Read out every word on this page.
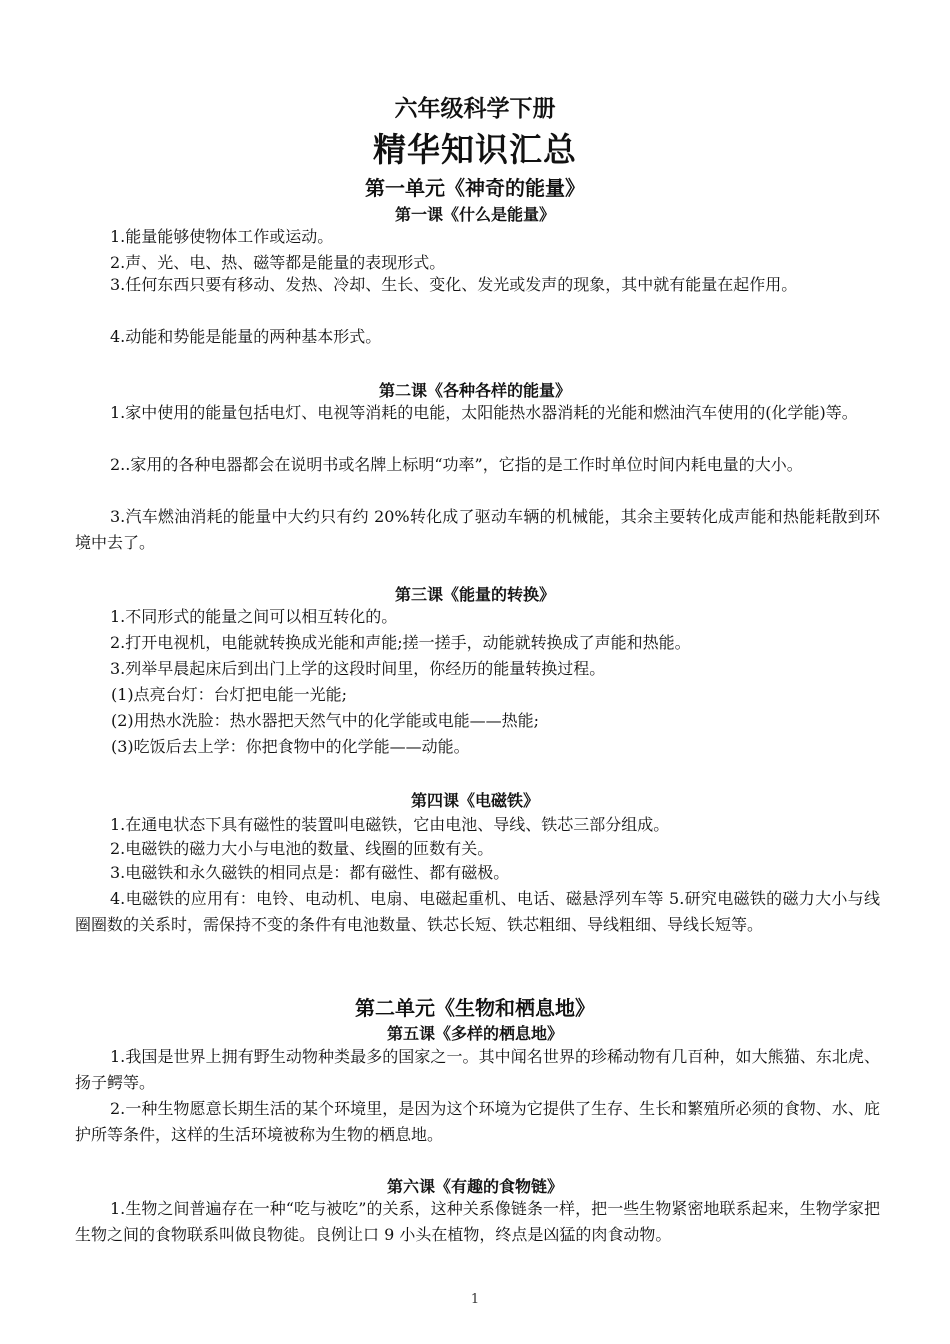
六年级科学下册
精华知识汇总
第一单元《神奇的能量》
第一课《什么是能量》
1.能量能够使物体工作或运动。
2.声、光、电、热、磁等都是能量的表现形式。
3.任何东西只要有移动、发热、冷却、生长、变化、发光或发声的现象，其中就有能量在起作用。
4.动能和势能是能量的两种基本形式。
第二课《各种各样的能量》
1.家中使用的能量包括电灯、电视等消耗的电能，太阳能热水器消耗的光能和燃油汽车使用的(化学能)等。
2..家用的各种电器都会在说明书或名牌上标明“功率”，它指的是工作时单位时间内耗电量的大小。
3.汽车燃油消耗的能量中大约只有约 20%转化成了驱动车辆的机械能，其余主要转化成声能和热能耗散到环境中去了。
第三课《能量的转换》
1.不同形式的能量之间可以相互转化的。
2.打开电视机，电能就转换成光能和声能;搓一搓手，动能就转换成了声能和热能。
3.列举早晨起床后到出门上学的这段时间里，你经历的能量转换过程。
(1)点亮台灯：台灯把电能一光能;
(2)用热水洗脸：热水器把天然气中的化学能或电能——热能;
(3)吃饭后去上学：你把食物中的化学能——动能。
第四课《电磁铁》
1.在通电状态下具有磁性的装置叫电磁铁，它由电池、导线、铁芯三部分组成。
2.电磁铁的磁力大小与电池的数量、线圈的匝数有关。
3.电磁铁和永久磁铁的相同点是：都有磁性、都有磁极。
4.电磁铁的应用有：电铃、电动机、电扇、电磁起重机、电话、磁悬浮列车等 5.研究电磁铁的磁力大小与线圈圈数的关系时，需保持不变的条件有电池数量、铁芯长短、铁芯粗细、导线粗细、导线长短等。
第二单元《生物和栖息地》
第五课《多样的栖息地》
1.我国是世界上拥有野生动物种类最多的国家之一。其中闻名世界的珍稀动物有几百种，如大熊猫、东北虎、扬子鳄等。
2.一种生物愿意长期生活的某个环境里，是因为这个环境为它提供了生存、生长和繁殖所必须的食物、水、庇护所等条件，这样的生活环境被称为生物的栖息地。
第六课《有趣的食物链》
1.生物之间普遍存在一种“吃与被吃”的关系，这种关系像链条一样，把一些生物紧密地联系起来，生物学家把生物之间的食物联系叫做良物徙。良例让口 9 小头在植物，终点是凶猛的肉食动物。
1
